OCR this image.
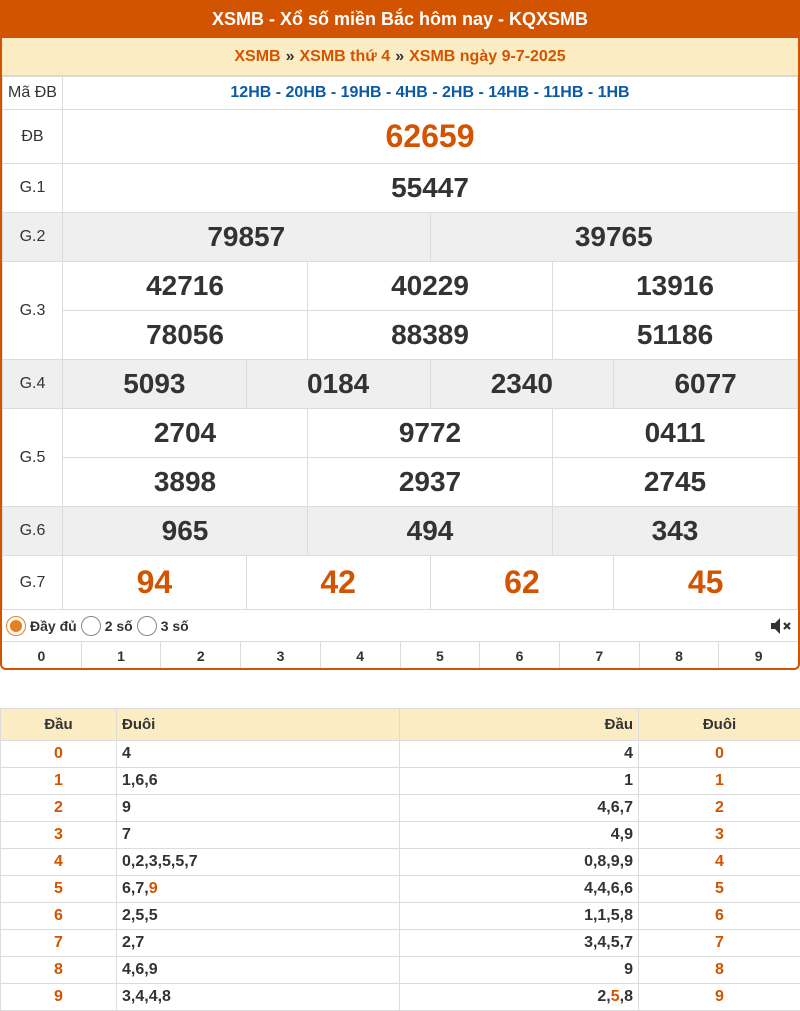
XSMB - Xổ số miền Bắc hôm nay - KQXSMB
XSMB » XSMB thứ 4 » XSMB ngày 9-7-2025
Mã ĐB	12HB - 20HB - 19HB - 4HB - 2HB - 14HB - 11HB - 1HB					
ĐB	62659					
G.1	55447					
G.2	79857			39765		
G.3	42716		40229		13916	
	78056		88389		51186	
G.4	5093	0184		2340		6077
G.5	2704		9772		0411	
	3898		2937		2745	
G.6	965		494		343	
G.7	94	42		62		45
Đầy đủ 2 số 3 số
0	1	2	3	4	5	6	7	8	9
Đầu	Đuôi	Đầu	Đuôi
0	4	4	0
1	1,6,6	1	1
2	9	4,6,7	2
3	7	4,9	3
4	0,2,3,5,5,7	0,8,9,9	4
5	6,7,9	4,4,6,6	5
6	2,5,5	1,1,5,8	6
7	2,7	3,4,5,7	7
8	4,6,9	9	8
9	3,4,4,8	2,5,8	9
